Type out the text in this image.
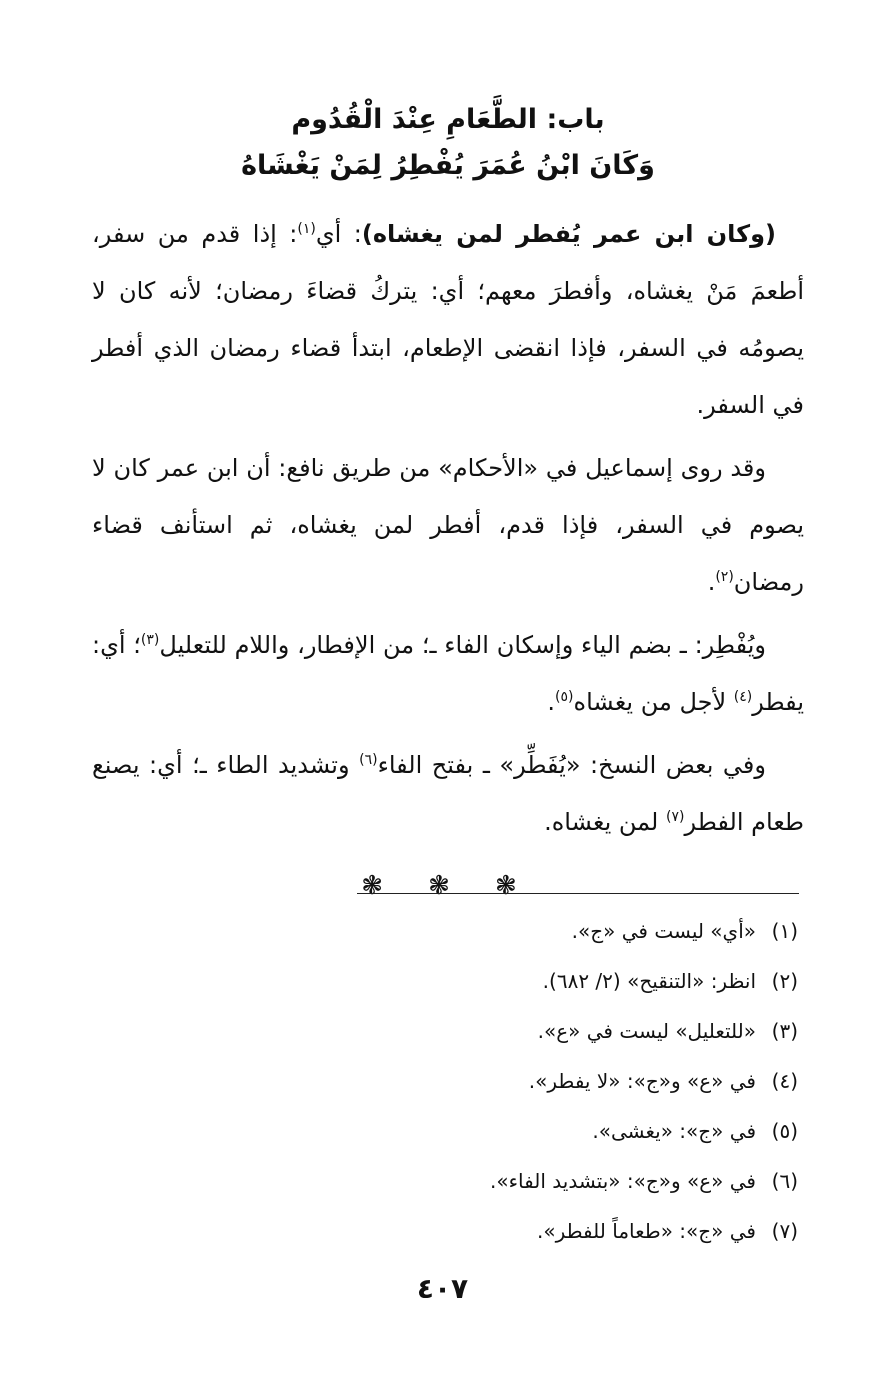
باب: الطَّعَامِ عِنْدَ الْقُدُوم
وَكَانَ ابْنُ عُمَرَ يُفْطِرُ لِمَنْ يَغْشَاهُ

(وكان ابن عمر يُفطر لمن يغشاه): أي$^{(١)}$: إذا قدم من سفر، أطعمَ مَنْ يغشاه، وأفطرَ معهم؛ أي: يتركُ قضاءَ رمضان؛ لأنه كان لا يصومُه في السفر، فإذا انقضى الإطعام، ابتدأ قضاء رمضان الذي أفطر في السفر.

وقد روى إسماعيل في «الأحكام» من طريق نافع: أن ابن عمر كان لا يصوم في السفر، فإذا قدم، أفطر لمن يغشاه، ثم استأنف قضاء رمضان$^{(٢)}$.

ويُفْطِر: ـ بضم الياء وإسكان الفاء ـ؛ من الإفطار، واللام للتعليل$^{(٣)}$؛ أي: يفطر$^{(٤)}$ لأجل من يغشاه$^{(٥)}$.

وفي بعض النسخ: «يُفَطِّر» ـ بفتح الفاء$^{(٦)}$ وتشديد الطاء ـ؛ أي: يصنع طعام الفطر$^{(٧)}$ لمن يغشاه.

❃ ❃ ❃
(١)«أي» ليست في «ج».
(٢)انظر: «التنقيح» (٢/ ٦٨٢).
(٣)«للتعليل» ليست في «ع».
(٤)في «ع» و«ج»: «لا يفطر».
(٥)في «ج»: «يغشى».
(٦)في «ع» و«ج»: «بتشديد الفاء».
(٧)في «ج»: «طعاماً للفطر».
٤٠٧
